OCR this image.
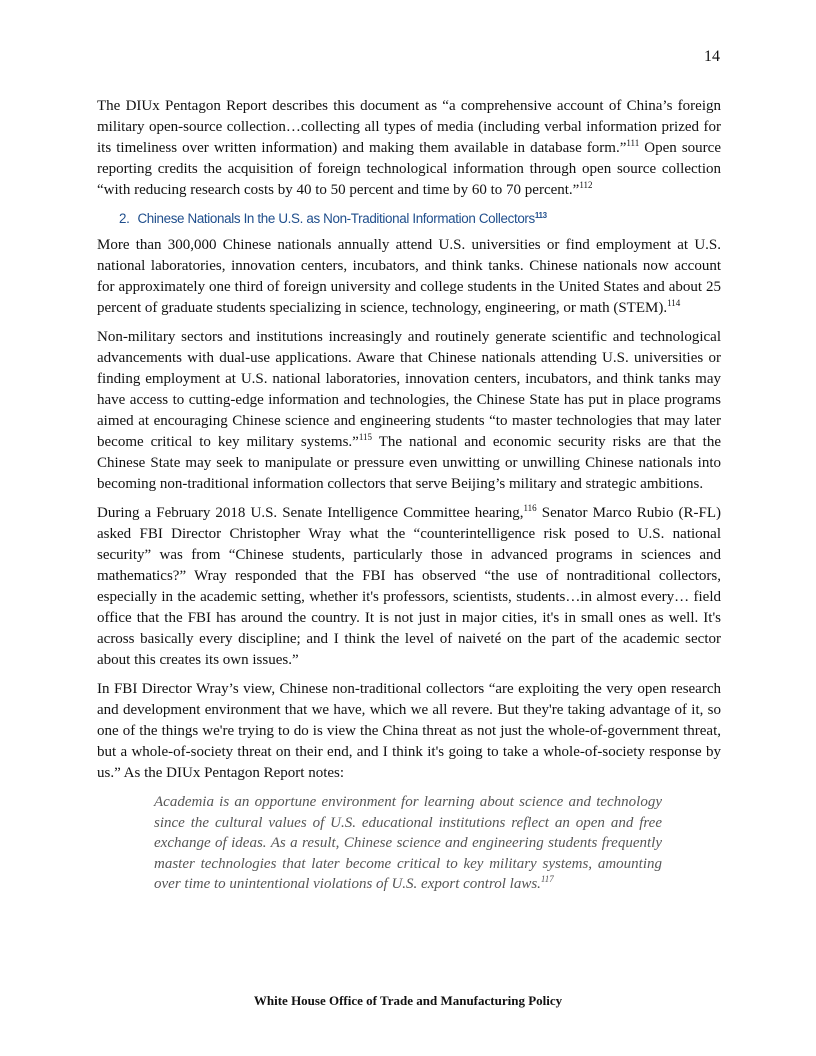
14

The DIUx Pentagon Report describes this document as “a comprehensive account of China’s foreign military open-source collection…collecting all types of media (including verbal information prized for its timeliness over written information) and making them available in database form.”$^{111}$ Open source reporting credits the acquisition of foreign technological information through open source collection “with reducing research costs by 40 to 50 percent and time by 60 to 70 percent.”$^{112}$

2. Chinese Nationals In the U.S. as Non-Traditional Information Collectors$^{113}$

More than 300,000 Chinese nationals annually attend U.S. universities or find employment at U.S. national laboratories, innovation centers, incubators, and think tanks. Chinese nationals now account for approximately one third of foreign university and college students in the United States and about 25 percent of graduate students specializing in science, technology, engineering, or math (STEM).$^{114}$

Non-military sectors and institutions increasingly and routinely generate scientific and technological advancements with dual-use applications. Aware that Chinese nationals attending U.S. universities or finding employment at U.S. national laboratories, innovation centers, incubators, and think tanks may have access to cutting-edge information and technologies, the Chinese State has put in place programs aimed at encouraging Chinese science and engineering students “to master technologies that may later become critical to key military systems.”$^{115}$ The national and economic security risks are that the Chinese State may seek to manipulate or pressure even unwitting or unwilling Chinese nationals into becoming non-traditional information collectors that serve Beijing’s military and strategic ambitions.

During a February 2018 U.S. Senate Intelligence Committee hearing,$^{116}$ Senator Marco Rubio (R-FL) asked FBI Director Christopher Wray what the “counterintelligence risk posed to U.S. national security” was from “Chinese students, particularly those in advanced programs in sciences and mathematics?” Wray responded that the FBI has observed “the use of nontraditional collectors, especially in the academic setting, whether it's professors, scientists, students…in almost every… field office that the FBI has around the country. It is not just in major cities, it's in small ones as well. It's across basically every discipline; and I think the level of naiveté on the part of the academic sector about this creates its own issues.”

In FBI Director Wray’s view, Chinese non-traditional collectors “are exploiting the very open research and development environment that we have, which we all revere. But they're taking advantage of it, so one of the things we're trying to do is view the China threat as not just the whole-of-government threat, but a whole-of-society threat on their end, and I think it's going to take a whole-of-society response by us.” As the DIUx Pentagon Report notes:

Academia is an opportune environment for learning about science and technology since the cultural values of U.S. educational institutions reflect an open and free exchange of ideas. As a result, Chinese science and engineering students frequently master technologies that later become critical to key military systems, amounting over time to unintentional violations of U.S. export control laws.$^{117}$
White House Office of Trade and Manufacturing Policy
